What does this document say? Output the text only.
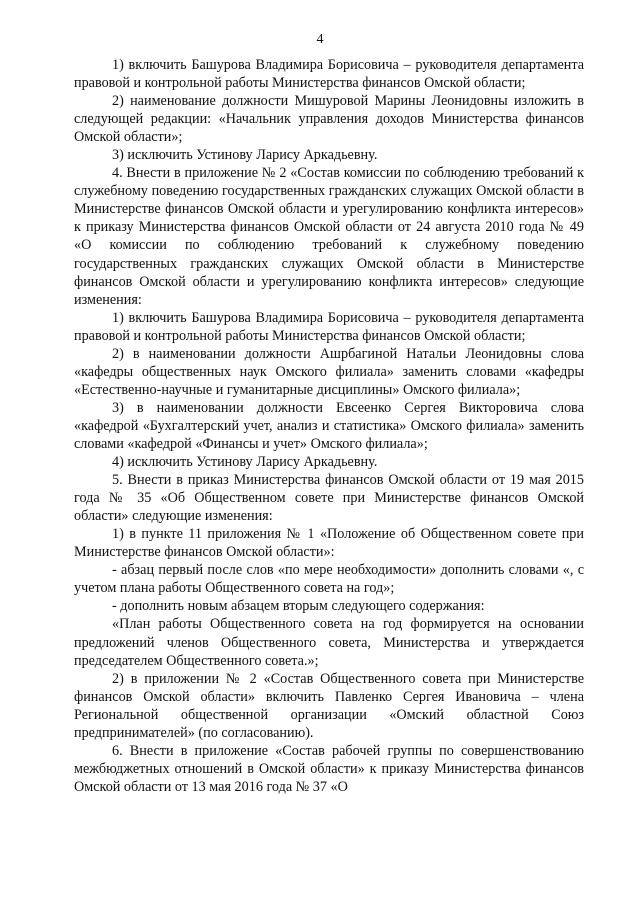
4

1) включить Башурова Владимира Борисовича – руководителя департамента правовой и контрольной работы Министерства финансов Омской области;

2) наименование должности Мишуровой Марины Леонидовны изложить в следующей редакции: «Начальник управления доходов Министерства финансов Омской области»;

3) исключить Устинову Ларису Аркадьевну.

4. Внести в приложение № 2 «Состав комиссии по соблюдению требований к служебному поведению государственных гражданских служащих Омской области в Министерстве финансов Омской области и урегулированию конфликта интересов» к приказу Министерства финансов Омской области от 24 августа 2010 года № 49 «О комиссии по соблюдению требований к служебному поведению государственных гражданских служащих Омской области в Министерстве финансов Омской области и урегулированию конфликта интересов» следующие изменения:

1) включить Башурова Владимира Борисовича – руководителя департамента правовой и контрольной работы Министерства финансов Омской области;

2) в наименовании должности Ашрбагиной Натальи Леонидовны слова «кафедры общественных наук Омского филиала» заменить словами «кафедры «Естественно-научные и гуманитарные дисциплины» Омского филиала»;

3) в наименовании должности Евсеенко Сергея Викторовича слова «кафедрой «Бухгалтерский учет, анализ и статистика» Омского филиала» заменить словами «кафедрой «Финансы и учет» Омского филиала»;

4) исключить Устинову Ларису Аркадьевну.

5. Внести в приказ Министерства финансов Омской области от 19 мая 2015 года № 35 «Об Общественном совете при Министерстве финансов Омской области» следующие изменения:

1) в пункте 11 приложения № 1 «Положение об Общественном совете при Министерстве финансов Омской области»:

- абзац первый после слов «по мере необходимости» дополнить словами «, с учетом плана работы Общественного совета на год»;

- дополнить новым абзацем вторым следующего содержания:

«План работы Общественного совета на год формируется на основании предложений членов Общественного совета, Министерства и утверждается председателем Общественного совета.»;

2) в приложении № 2 «Состав Общественного совета при Министерстве финансов Омской области» включить Павленко Сергея Ивановича – члена Региональной общественной организации «Омский областной Союз предпринимателей» (по согласованию).

6. Внести в приложение «Состав рабочей группы по совершенствованию межбюджетных отношений в Омской области» к приказу Министерства финансов Омской области от 13 мая 2016 года № 37 «О
